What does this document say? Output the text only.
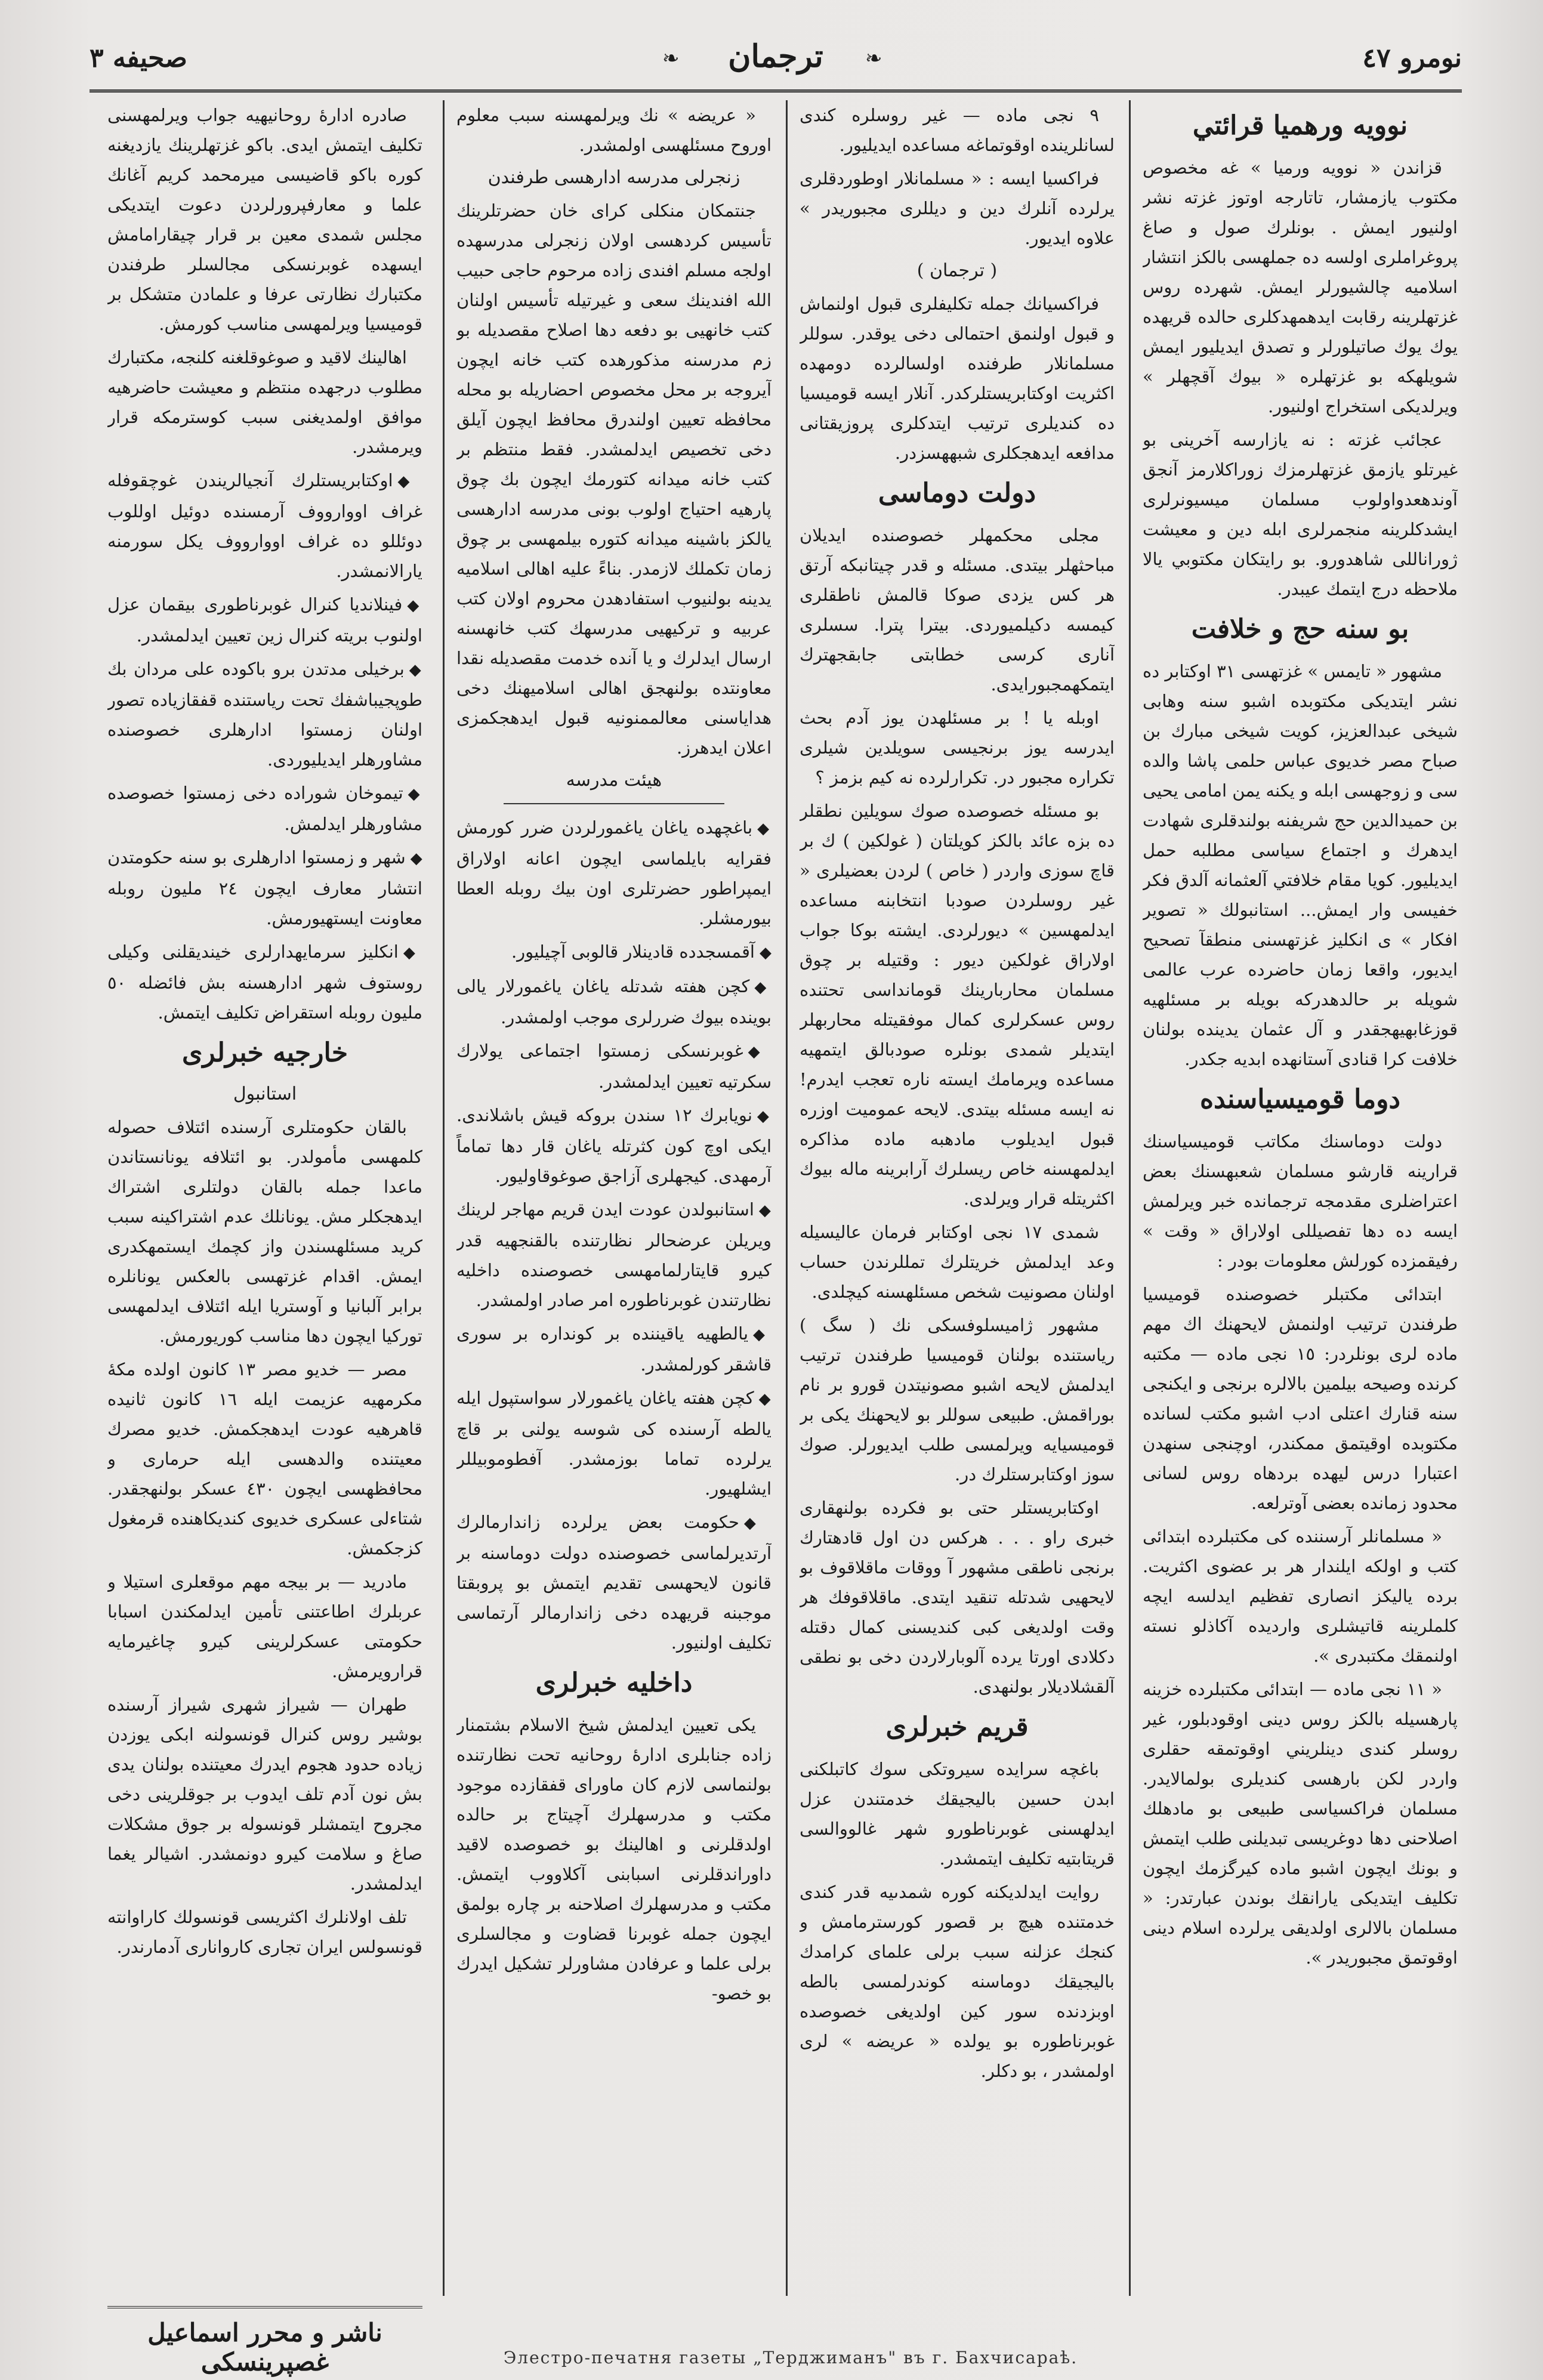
نومرو ٤٧
❧
ترجمان
❧
صحيفه ٣
نوويه ورهميا قرائتي

قزاندن « نوويه ورميا » غه مخصوص مكتوب يازمشار، تاتارجه اوتوز غزته نشر اولنيور ايمش . بونلرك صول و صاغ پروغراملرى اولسه ده جملهسى بالكز انتشار اسلاميه چالشيورلر ايمش. شهرده روس غزتهلرينه رقابت ايدهمهدكلرى حالده قريهده يوك يوك صاتيلورلر و تصدق ايديليور ايمش شويلهكه بو غزتهلره « بيوك آقچهلر » ويرلديكى استخراج اولنيور.

عجائب غزته : نه يازارسه آخرينى بو غيرتلو يازمق غزتهلرمزك زوراكلارمز آنجق آوندهعدواولوب مسلمان ميسيونرلرى ايشدكلرينه منجمرلرى ابله دين و معيشت ژوراناللى شاهدورو. بو رايتكان مكتوبي يالا ملاحظه درج ايتمك عيبدر.

بو سنه حج و خلافت

مشهور « تايمس » غزتهسى ٣١ اوكتابر ده نشر ايتديكى مكتوبده اشبو سنه وهابى شيخى عبدالعزيز، كويت شيخى مبارك بن صباح مصر خديوى عباس حلمى پاشا والده سى و زوجهسى ابله و يكنه يمن امامى يحيى بن حميدالدين حج شريفنه بولندقلرى شهادت ايدهرك و اجتماع سياسى مطلبه حمل ايديليور. كويا مقام خلافتي آلعثمانه آلدق فكر خفيسى وار ايمش... استانبولك « تصوير افكار » ى انكليز غزتهسنى منطقآ تصحيح ايديور، واقعا زمان حاضرده عرب عالمى شويله بر حالدهدركه بويله بر مسئلهيه قوزغابهيهجقدر و آل عثمان يدينده بولنان خلافت كرا قنادى آستانهده ابديه جكدر.

دوما قوميسياسنده

دولت دوماسنك مكاتب قوميسياسنك قرارينه قارشو مسلمان شعبهسنك بعض اعتراضلرى مقدمجه ترجمانده خبر ويرلمش ايسه ده دها تفصيللى اولاراق « وقت » رفيقمزده كورلش معلومات بودر :

ابتدائى مكتبلر خصوصنده قوميسيا طرفندن ترتيب اولنمش لايحهنك اك مهم ماده لرى بونلردر: ١٥ نجى ماده — مكتبه كرنده وصيحه بيلمين بالالره برنجى و ايكنجى سنه قنارك اعتلى ادب اشبو مكتب لسانده مكتوبده اوقيتمق ممكندر، اوچنجى سنهدن اعتبارا درس ليهده بردهاه روس لسانی محدود زمانده بعضى آوترلعه.

« مسلمانلر آرسننده كى مكتبلرده ابتدائى كتب و اولكه ايلندار هر بر عضوى اكثريت. برده ياليكز انصارى تفظيم ايدلسه ايچه كلملرينه قاتيشلرى وارديده آكاذلو نسته اولنمقك مكتبدرى ».

« ١١ نجى ماده — ابتدائى مكتبلرده خزينه پارهسيله بالكز روس دينى اوقودبلور، غير روسلر كندى دينلريني اوقوتمقه حقلرى واردر لكن بارهسى كنديلرى بولمالايدر. مسلمان فراكسياسى طبيعى بو مادهلك اصلاحنى دها دوغريسى تبديلنى طلب ايتمش و بونك ايچون اشبو ماده كيرگزمك ايچون تكليف ايتديكى يارانقك بوندن عبارتدر: « مسلمان بالالرى اولديقى يرلرده اسلام دينى اوقوتمق مجبوريدر ».

٩ نجى ماده — غير روسلره كندى لسانلرينده اوقوتماغه مساعده ايديليور.

فراكسيا ايسه : « مسلمانلار اوطوردقلرى يرلرده آنلرك دين و ديللرى مجبوريدر » علاوه ايديور.

( ترجمان )

فراكسيانك جمله تكليفلرى قبول اولنماش و قبول اولنمق احتمالى دخى يوقدر. سوللر مسلمانلار طرفنده اولسالرده دومهده اكثريت اوكتابريستلركدر. آنلار ايسه قوميسيا ده كنديلرى ترتيب ايتدكلرى پروزيقتانى مدافعه ايدهجكلرى شبههسزدر.

دولت دوماسی

مجلى محكمهلر خصوصنده ايديلان مباحثهلر بيتدى. مسئله و قدر چيتانبكه آرتق هر كس يزدى صوكا قالمش ناطقلرى كيمسه دكيلميوردى. بيترا پترا. سسلرى آنارى كرسى خطابتى جابقجهترك ايتمكهمجبورايدی.

اوبله يا ! بر مسئلهدن يوز آدم بحث ايدرسه يوز برنجيسى سويلدين شيلرى تكراره مجبور در. تكرارلرده نه كيم بزمز ؟

بو مسئله خصوصده صوك سويلين نطقلر ده بزه عائد بالكز كويلتان ( غولكين ) ك بر قاچ سوزى واردر ( خاص ) لردن بعضيلرى « غير روسلردن صودبا انتخابنه مساعده ايدلمهسين » ديورلردى. ايشته بوكا جواب اولاراق غولكين ديور : وقتيله بر چوق مسلمان محاربارينك قومانداسى تحتنده روس عسكرلرى كمال موفقيتله محاربهلر ايتديلر شمدى بونلره صودبالق ايتمهيه مساعده ويرمامك ايسته ناره تعجب ايدرم! نه ايسه مسئله بيتدى. لايحه عموميت اوزره قبول ايديلوب مادهبه ماده مذاكره ايدلمهسنه خاص ريسلرك آرابرينه ماله بيوك اكثريتله قرار ويرلدى.

شمدى ١٧ نجى اوكتابر فرمان عاليسيله وعد ايدلمش خريتلرك تمللرندن حساب اولنان مصونيت شخص مسئلهسنه كيچلدى.

مشهور ژاميسلوفسكى نك ( سگ ) رياستنده بولنان قوميسيا طرفندن ترتيب ايدلمش لايحه اشبو مصونيتدن قورو بر نام بوراقمش. طبيعى سوللر بو لايحهنك يكى بر قوميسيايه ويرلمسى طلب ايديورلر. صوك سوز اوكتابرستلرك در.

اوكتابريستلر حتى بو فكرده بولنهقارى خبرى راو . . . هركس دن اول قادهتارك برنجى ناطقى مشهور آ ووقات ماقلاقوف بو لايحهيى شدتله تنقيد ايتدى. ماقلاقوفك هر وقت اولديغى كبى كنديسنى كمال دقتله دكلادى اورتا يرده آلوبارلاردن دخى بو نطقى آلقشلاديلار بولنهدى.

قريم خبرلرى

باغچه سرايده سيروتكى سوك كاتبلكنى ابدن حسين باليجيقك خدمتندن عزل ايدلهسنى غوبرناطورو شهر غالووالسى قريتابتيه تكليف ايتمشدر.

روايت ايدلديكنه كوره شمدىيه قدر كندى خدمتنده هيچ بر قصور كورسترمامش و كنجك عزلنه سبب برلى علماى كرامدك باليجيقك دوماسنه كوندرلمسى بالطه اوبزدنده سور كين اولديغى خصوصده غوبرناطوره بو يولده « عريضه » لرى اولمشدر ، بو دكلر.

« عريضه » نك ويرلمهسنه سبب معلوم اوروح مسئلهسى اولمشدر.

زنجرلى مدرسه ادارهسى طرفندن

جنتمكان منكلى كراى خان حضرتلرينك تأسيس كردهسى اولان زنجرلى مدرسهده اولجه مسلم افندى زاده مرحوم حاجى حبيب الله افندينك سعى و غيرتيله تأسيس اولنان كتب خانهيى بو دفعه دها اصلاح مقصديله بو زم مدرسنه مذكورهده كتب خانه ايچون آيروجه بر محل مخصوص احضاريله بو محله محافظه تعيين اولندرق محافظ ايچون آيلق دخى تخصيص ايدلمشدر. فقط منتظم بر كتب خانه ميدانه كتورمك ايچون بك چوق پارهيه احتياج اولوب بونى مدرسه ادارهسى يالكز باشينه ميدانه كتوره بيلمهسى بر چوق زمان تكملك لازمدر. بناءً عليه اهالى اسلاميه يدينه بولنيوب استفادهدن محروم اولان كتب عربيه و تركيهيى مدرسهك كتب خانهسنه ارسال ايدلرك و يا آنده خدمت مقصديله نقدا معاونتده بولنهجق اهالى اسلاميهنك دخى هداياسنى معالممنونيه قبول ايدهجكمزى اعلان ايدهرز.

هيئت مدرسه
◆باغچهده ياغان ياغمورلردن ضرر كورمش فقرايه بايلماسى ايچون اعانه اولاراق ايمپراطور حضرتلرى اون بيك روبله العطا بيورمشلر.
◆آقمسجدده قادينلار قالوبى آچيليور.
◆كچن هفته شدتله ياغان ياغمورلار يالى بوينده بيوك ضررلرى موجب اولمشدر.
◆غوبرنسكى زمستوا اجتماعى يولارك سكرتيه تعيين ايدلمشدر.
◆نويابرك ١٢ سندن بروكه قيش باشلاندى. ايكى اوچ كون كثرتله ياغان قار دها تماماً آرمهدى. كيجهلرى آزاجق صوغوقاوليور.
◆استانبولدن عودت ايدن قريم مهاجر لرينك ويريلن عرضحالر نظارتنده بالقنجهيه قدر كيرو قايتارلمامهسى خصوصنده داخليه نظارتندن غوبرناطوره امر صادر اولمشدر.
◆يالطهيه ياقيننده بر كونداره بر سورى قاشقر كورلمشدر.
◆كچن هفته ياغان ياغمورلار سواستپول ايله يالطه آرسنده كى شوسه يولنى بر قاچ يرلرده تماما بوزمشدر. آفطوموبيللر ايشلهيور.
◆حكومت بعض يرلرده زاندارمالرك آرتديرلماسى خصوصنده دولت دوماسنه بر قانون لايحهسى تقديم ايتمش بو پروبقتا موجبنه قريهده دخى زاندارمالر آرتماسى تكليف اولنيور.
داخليه خبرلرى

يكى تعيين ايدلمش شيخ الاسلام بشتمنار زاده جنابلرى ادارهٔ روحانيه تحت نظارتنده بولنماسى لازم كان ماوراى قفقازده موجود مكتب و مدرسهلرك آچيتاج بر حالده اولدقلرنى و اهالينك بو خصوصده لاقيد داوراندقلرنى اسبابنى آكلاووب ايتمش. مكتب و مدرسهلرك اصلاحنه بر چاره بولمق ايچون جمله غوبرنا قضاوت و مجالسلرى برلى علما و عرفادن مشاورلر تشكيل ايدرك بو خصو-

صادره ادارهٔ روحانيهيه جواب ويرلمهسنى تكليف ايتمش ايدى. باكو غزتهلرينك يازديغنه كوره باكو قاضيسى ميرمحمد كريم آغانك علما و معارفپرورلردن دعوت ايتديكى مجلس شمدى معين بر قرار چيقارامامش ايسهده غوبرنسكى مجالسلر طرفندن مكتبارك نظارتى عرفا و علمادن متشكل بر قوميسيا ويرلمهسى مناسب كورمش.

اهالينك لاقيد و صوغوقلغنه كلنجه، مكتبارك مطلوب درجهده منتظم و معيشت حاضرهيه موافق اولمديغنى سبب كوسترمكه قرار ويرمشدر.

◆اوكتابريستلرك آنجيالريندن غوچقوفله غراف اووارووف آرمسنده دوئيل اوللوب دوئللو ده غراف اووارووف يكل سورمنه يارالانمشدر.
◆فينلانديا كنرال غوبرناطورى بيقمان عزل اولنوب بريته كنرال زين تعيين ايدلمشدر.
◆برخيلى مدتدن برو باكوده على مردان بك طوپجيباشفك تحت رياستنده قفقازياده تصور اولنان زمستوا ادارهلرى خصوصنده مشاورهلر ايديليوردى.
◆تيموخان شوراده دخى زمستوا خصوصده مشاورهلر ايدلمش.
◆شهر و زمستوا ادارهلرى بو سنه حكومتدن انتشار معارف ايچون ٢٤ مليون روبله معاونت ايستهيورمش.
◆انكليز سرمايهدارلرى خينديقلنى وكيلى روستوف شهر ادارهسنه بش فائضله ٥٠ مليون روبله استقراض تكليف ايتمش.
خارجيه خبرلرى
استانبول

بالقان حكومتلرى آرسنده ائتلاف حصوله كلمهسى مأمولدر. بو ائتلافه يونانستاندن ماعدا جمله بالقان دولتلرى اشتراك ايدهجكلر مش. يونانلك عدم اشتراكينه سبب كريد مسئلهسندن واز كچمك ايستمهكدرى ايمش. اقدام غزتهسى بالعكس يونانلره برابر آلبانيا و آوستريا ايله ائتلاف ايدلمهسى توركيا ايچون دها مناسب كوريورمش.

مصر — خديو مصر ١٣ كانون اولده مكهٔ مكرمهيه عزيمت ايله ١٦ كانون ثانيده قاهرهيه عودت ايدهجكمش. خديو مصرك معيتنده والدهسى ايله حرمارى و محافظهسى ايچون ٤٣٠ عسكر بولنهجقدر. شتاءلى عسكرى خديوى كنديكاهنده قرمغول كزجكمش.

مادريد — بر بيجه مهم موقعلرى استيلا و عربلرك اطاعتنى تأمين ايدلمكندن اسبابا حكومتى عسكرلرينى كيرو چاغيرمايه قرارويرمش.

طهران — شيراز شهرى شيراز آرسنده بوشير روس كنرال قونسولنه ابكى يوزدن زياده حدود هجوم ايدرك معيتنده بولنان يدى بش نون آدم تلف ايدوب بر جوقلرينى دخى مجروح ايتمشلر قونسوله بر جوق مشكلات صاغ و سلامت كيرو دونمشدر. اشيالر يغما ايدلمشدر.

تلف اولانلرك اكثريسى قونسولك كاراوانته قونسولس ايران تجارى كاروانارى آدمارندر.

ناشر و محرر اسماعيل غصپرينسكى	Элестро-печатня газеты „Терджиманъ" въ г. Бахчисараѣ.
